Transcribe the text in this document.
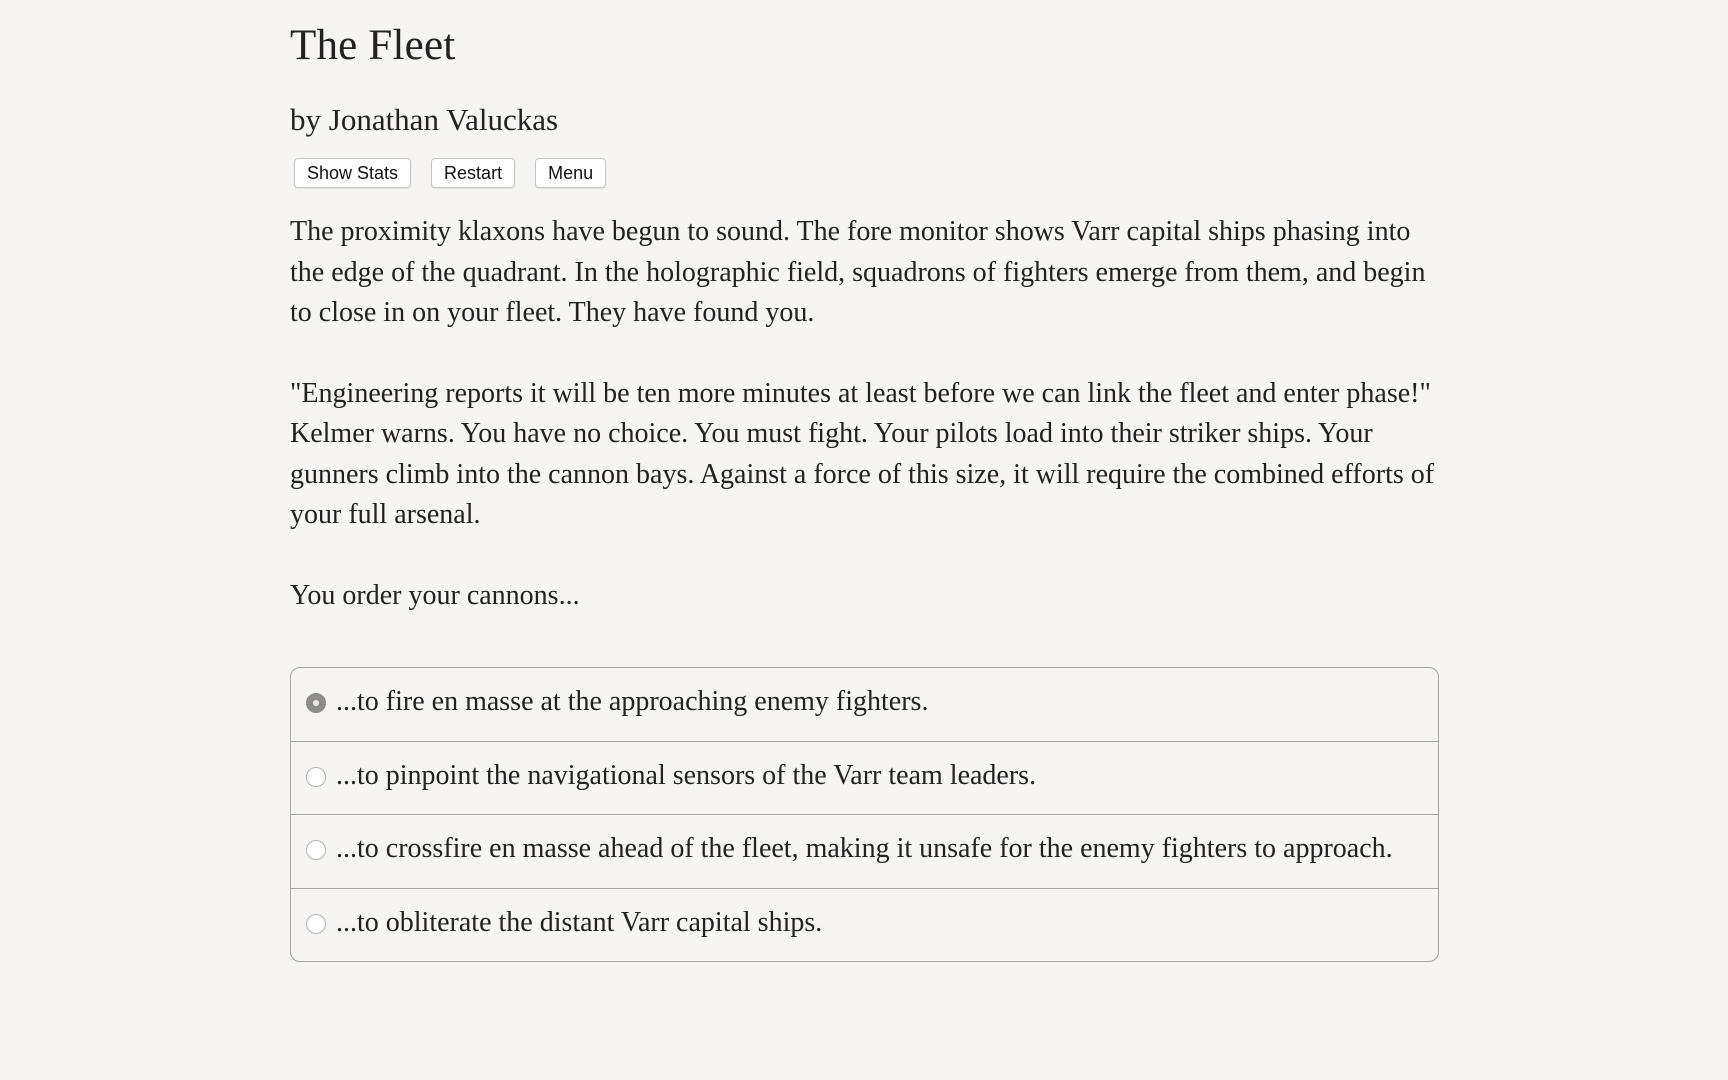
The Fleet
by Jonathan Valuckas
Show Stats	Restart	Menu

The proximity klaxons have begun to sound. The fore monitor shows Varr capital ships phasing into the edge of the quadrant. In the holographic field, squadrons of fighters emerge from them, and begin to close in on your fleet. They have found you.

"Engineering reports it will be ten more minutes at least before we can link the fleet and enter phase!" Kelmer warns. You have no choice. You must fight. Your pilots load into their striker ships. Your gunners climb into the cannon bays. Against a force of this size, it will require the combined efforts of your full arsenal.

You order your cannons...

...to fire en masse at the approaching enemy fighters.
...to pinpoint the navigational sensors of the Varr team leaders.
...to crossfire en masse ahead of the fleet, making it unsafe for the enemy fighters to approach.
...to obliterate the distant Varr capital ships.
